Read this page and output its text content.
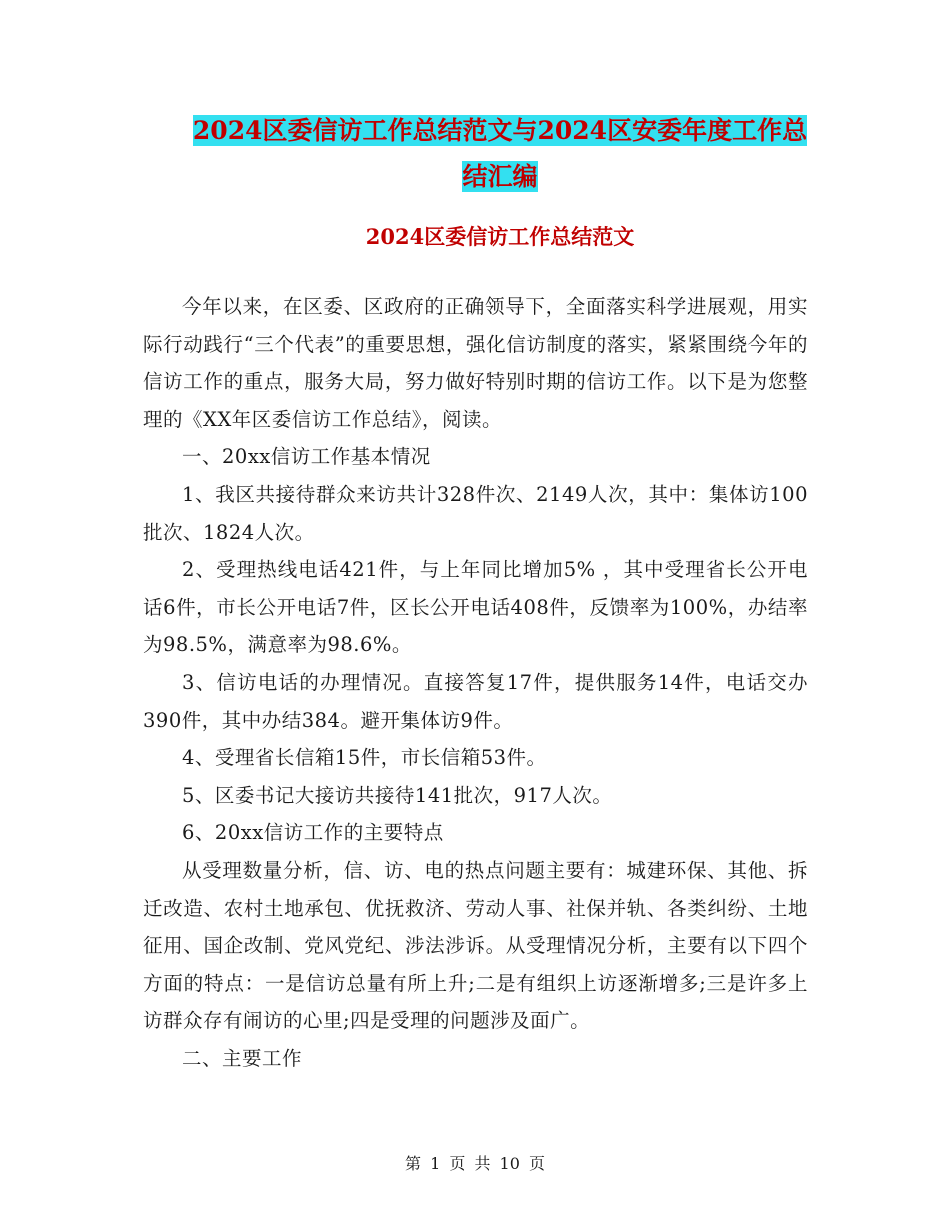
2024区委信访工作总结范文与2024区安委年度工作总
结汇编
2024区委信访工作总结范文

今年以来，在区委、区政府的正确领导下，全面落实科学进展观，用实际行动践行“三个代表”的重要思想，强化信访制度的落实，紧紧围绕今年的信访工作的重点，服务大局，努力做好特别时期的信访工作。以下是为您整理的《XX年区委信访工作总结》，阅读。

一、20xx信访工作基本情况

1、我区共接待群众来访共计328件次、2149人次，其中：集体访100批次、1824人次。

2、受理热线电话421件，与上年同比增加5% ，其中受理省长公开电话6件，市长公开电话7件，区长公开电话408件，反馈率为100%，办结率为98.5%，满意率为98.6%。

3、信访电话的办理情况。直接答复17件，提供服务14件，电话交办390件，其中办结384。避开集体访9件。

4、受理省长信箱15件，市长信箱53件。

5、区委书记大接访共接待141批次，917人次。

6、20xx信访工作的主要特点

从受理数量分析，信、访、电的热点问题主要有：城建环保、其他、拆迁改造、农村土地承包、优抚救济、劳动人事、社保并轨、各类纠纷、土地征用、国企改制、党风党纪、涉法涉诉。从受理情况分析，主要有以下四个方面的特点：一是信访总量有所上升;二是有组织上访逐渐增多;三是许多上访群众存有闹访的心里;四是受理的问题涉及面广。

二、主要工作

第 1 页 共 10 页
